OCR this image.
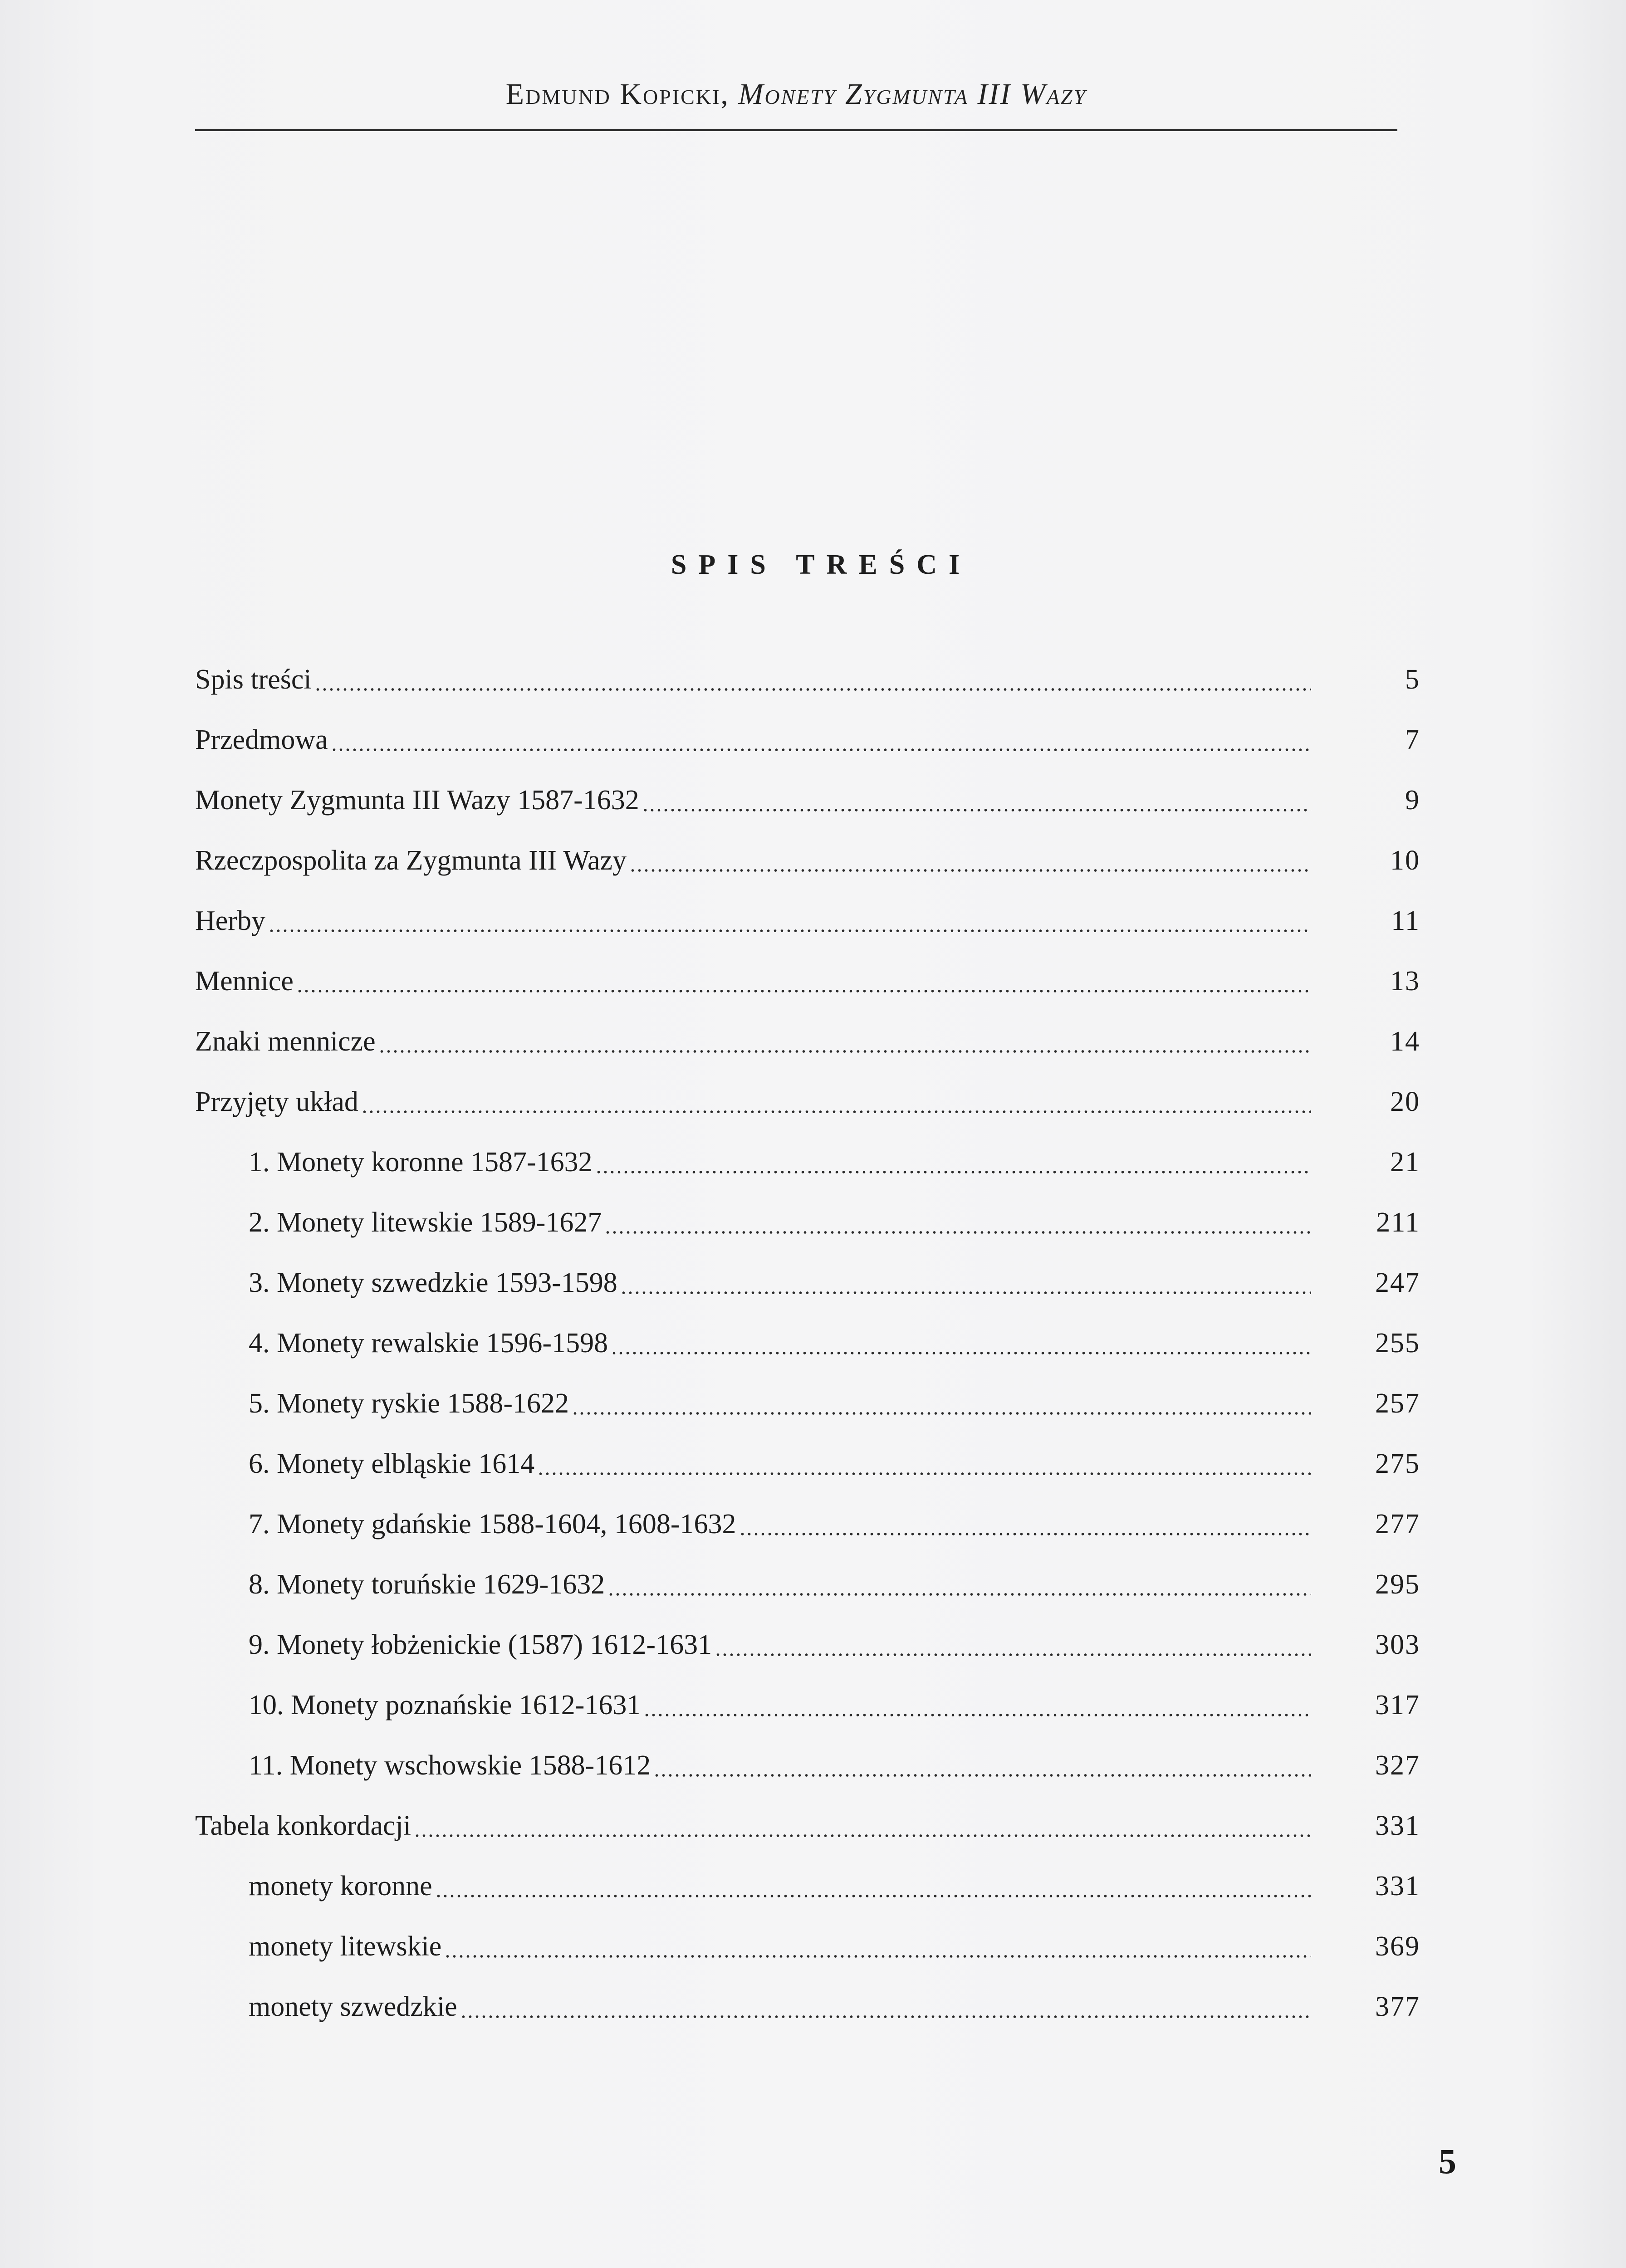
Edmund Kopicki, Monety Zygmunta III Wazy
SPIS TREŚCI
Spis treści	5
Przedmowa	7
Monety Zygmunta III Wazy 1587-1632	9
Rzeczpospolita za Zygmunta III Wazy	10
Herby	11
Mennice	13
Znaki mennicze	14
Przyjęty układ	20
1. Monety koronne 1587-1632	21
2. Monety litewskie 1589-1627	211
3. Monety szwedzkie 1593-1598	247
4. Monety rewalskie 1596-1598	255
5. Monety ryskie 1588-1622	257
6. Monety elbląskie 1614	275
7. Monety gdańskie 1588-1604, 1608-1632	277
8. Monety toruńskie 1629-1632	295
9. Monety łobżenickie (1587) 1612-1631	303
10. Monety poznańskie 1612-1631	317
11. Monety wschowskie 1588-1612	327
Tabela konkordacji	331
monety koronne	331
monety litewskie	369
monety szwedzkie	377
5
